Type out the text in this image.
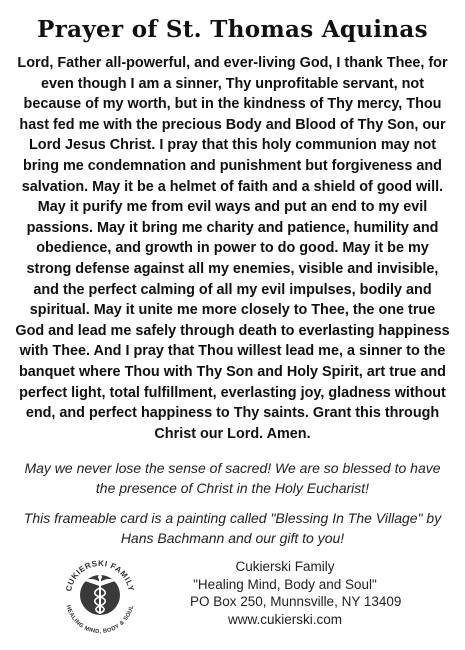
Prayer of St. Thomas Aquinas

Lord, Father all-powerful, and ever-living God, I thank Thee, for even though I am a sinner, Thy unprofitable servant, not because of my worth, but in the kindness of Thy mercy, Thou hast fed me with the precious Body and Blood of Thy Son, our Lord Jesus Christ. I pray that this holy communion may not bring me condemnation and punishment but forgiveness and salvation. May it be a helmet of faith and a shield of good will. May it purify me from evil ways and put an end to my evil passions. May it bring me charity and patience, humility and obedience, and growth in power to do good. May it be my strong defense against all my enemies, visible and invisible, and the perfect calming of all my evil impulses, bodily and spiritual. May it unite me more closely to Thee, the one true God and lead me safely through death to everlasting happiness with Thee. And I pray that Thou willest lead me, a sinner to the banquet where Thou with Thy Son and Holy Spirit, art true and perfect light, total fulfillment, everlasting joy, gladness without end, and perfect happiness to Thy saints. Grant this through Christ our Lord. Amen.

May we never lose the sense of sacred! We are so blessed to have the presence of Christ in the Holy Eucharist!

This frameable card is a painting called "Blessing In The Village" by Hans Bachmann and our gift to you!

CUKIERSKI FAMILY
HEALING MIND, BODY & SOUL
Cukierski Family
"Healing Mind, Body and Soul"
PO Box 250, Munnsville, NY 13409
www.cukierski.com
